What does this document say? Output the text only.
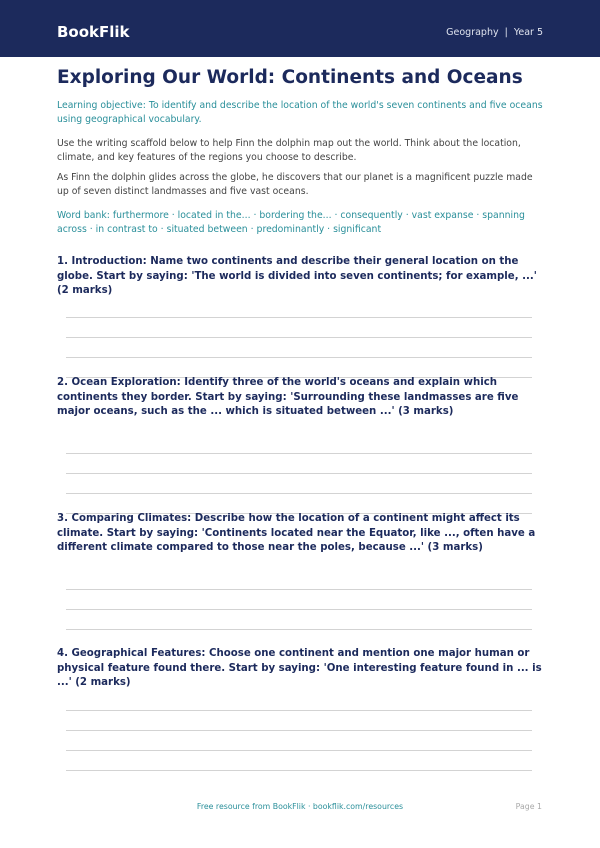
BookFlik	Geography | Year 5
Exploring Our World: Continents and Oceans

Learning objective: To identify and describe the location of the world's seven continents and five oceans using geographical vocabulary.

Use the writing scaffold below to help Finn the dolphin map out the world. Think about the location, climate, and key features of the regions you choose to describe.

As Finn the dolphin glides across the globe, he discovers that our planet is a magnificent puzzle made up of seven distinct landmasses and five vast oceans.

Word bank: furthermore · located in the... · bordering the... · consequently · vast expanse · spanning across · in contrast to · situated between · predominantly · significant

1. Introduction: Name two continents and describe their general location on the globe. Start by saying: 'The world is divided into seven continents; for example, ...' (2 marks)

2. Ocean Exploration: Identify three of the world's oceans and explain which continents they border. Start by saying: 'Surrounding these landmasses are five major oceans, such as the ... which is situated between ...' (3 marks)

3. Comparing Climates: Describe how the location of a continent might affect its climate. Start by saying: 'Continents located near the Equator, like ..., often have a different climate compared to those near the poles, because ...' (3 marks)

4. Geographical Features: Choose one continent and mention one major human or physical feature found there. Start by saying: 'One interesting feature found in ... is ...' (2 marks)

Free resource from BookFlik · bookflik.com/resources	Page 1
